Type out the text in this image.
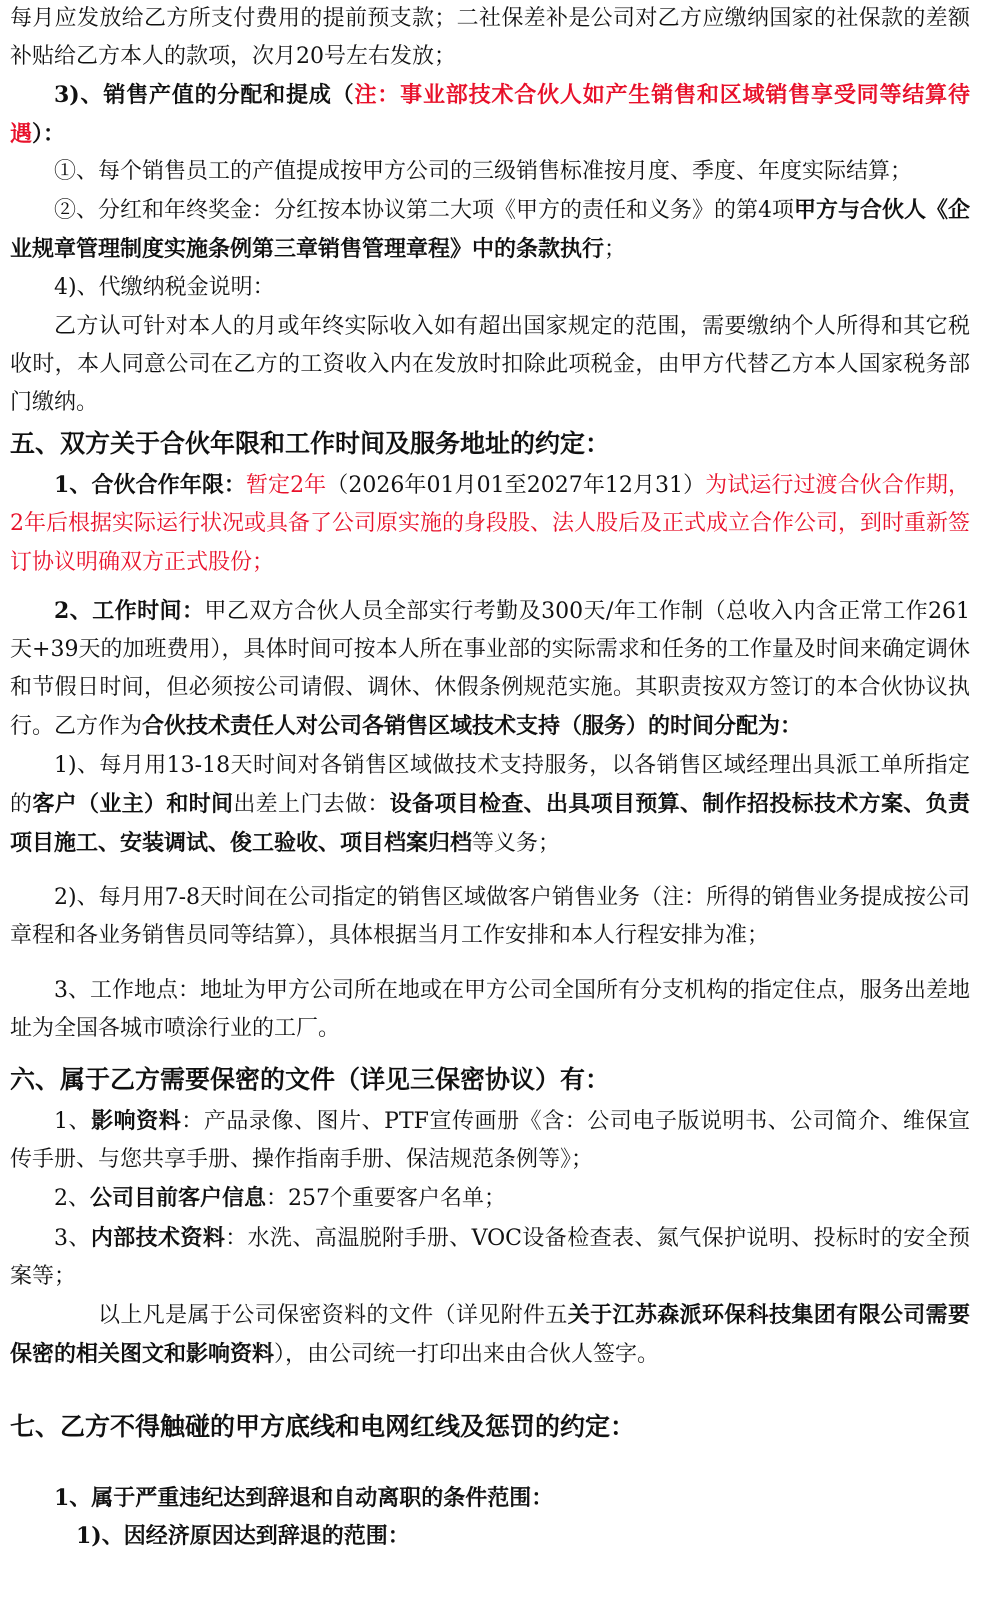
每月应发放给乙方所支付费用的提前预支款；二社保差补是公司对乙方应缴纳国家的社保款的差额补贴给乙方本人的款项，次月20号左右发放；

3)、销售产值的分配和提成（注：事业部技术合伙人如产生销售和区域销售享受同等结算待遇）：

①、每个销售员工的产值提成按甲方公司的三级销售标准按月度、季度、年度实际结算；

②、分红和年终奖金：分红按本协议第二大项《甲方的责任和义务》的第4项甲方与合伙人《企业规章管理制度实施条例第三章销售管理章程》中的条款执行；

4)、代缴纳税金说明：

乙方认可针对本人的月或年终实际收入如有超出国家规定的范围，需要缴纳个人所得和其它税收时，本人同意公司在乙方的工资收入内在发放时扣除此项税金，由甲方代替乙方本人国家税务部门缴纳。

五、双方关于合伙年限和工作时间及服务地址的约定：

1、合伙合作年限：暂定2年（2026年01月01至2027年12月31）为试运行过渡合伙合作期，2年后根据实际运行状况或具备了公司原实施的身段股、法人股后及正式成立合作公司，到时重新签订协议明确双方正式股份；

2、工作时间：甲乙双方合伙人员全部实行考勤及300天/年工作制（总收入内含正常工作261天+39天的加班费用），具体时间可按本人所在事业部的实际需求和任务的工作量及时间来确定调休和节假日时间，但必须按公司请假、调休、休假条例规范实施。其职责按双方签订的本合伙协议执行。乙方作为合伙技术责任人对公司各销售区域技术支持（服务）的时间分配为：

1)、每月用13-18天时间对各销售区域做技术支持服务，以各销售区域经理出具派工单所指定的客户（业主）和时间出差上门去做：设备项目检查、出具项目预算、制作招投标技术方案、负责项目施工、安装调试、俊工验收、项目档案归档等义务；

2)、每月用7-8天时间在公司指定的销售区域做客户销售业务（注：所得的销售业务提成按公司章程和各业务销售员同等结算），具体根据当月工作安排和本人行程安排为准；

3、工作地点：地址为甲方公司所在地或在甲方公司全国所有分支机构的指定住点，服务出差地址为全国各城市喷涂行业的工厂。

六、属于乙方需要保密的文件（详见三保密协议）有：

1、影响资料：产品录像、图片、PTF宣传画册《含：公司电子版说明书、公司简介、维保宣传手册、与您共享手册、操作指南手册、保洁规范条例等》；

2、公司目前客户信息：257个重要客户名单；

3、内部技术资料：水洗、高温脱附手册、VOC设备检查表、氮气保护说明、投标时的安全预案等；

以上凡是属于公司保密资料的文件（详见附件五关于江苏森派环保科技集团有限公司需要保密的相关图文和影响资料），由公司统一打印出来由合伙人签字。

七、乙方不得触碰的甲方底线和电网红线及惩罚的约定：

1、属于严重违纪达到辞退和自动离职的条件范围：

1)、因经济原因达到辞退的范围：
